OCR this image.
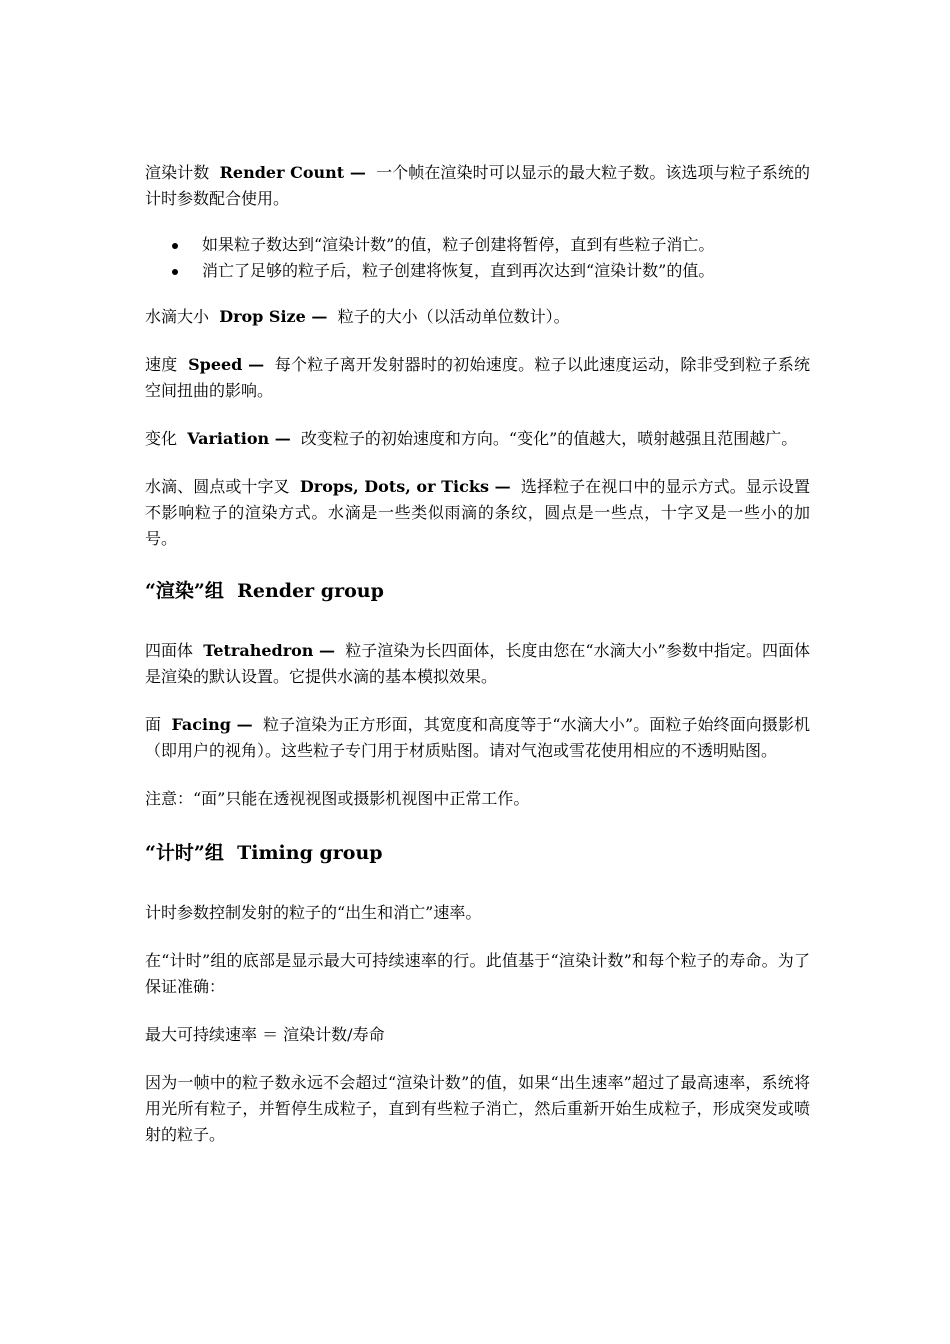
渲染计数 Render Count — 一个帧在渲染时可以显示的最大粒子数。该选项与粒子系统的计时参数配合使用。

如果粒子数达到“渲染计数”的值，粒子创建将暂停，直到有些粒子消亡。
消亡了足够的粒子后，粒子创建将恢复，直到再次达到“渲染计数”的值。

水滴大小 Drop Size — 粒子的大小（以活动单位数计）。

速度 Speed — 每个粒子离开发射器时的初始速度。粒子以此速度运动，除非受到粒子系统空间扭曲的影响。

变化 Variation — 改变粒子的初始速度和方向。“变化”的值越大，喷射越强且范围越广。

水滴、圆点或十字叉 Drops, Dots, or Ticks — 选择粒子在视口中的显示方式。显示设置不影响粒子的渲染方式。水滴是一些类似雨滴的条纹，圆点是一些点，十字叉是一些小的加号。

“渲染”组 Render group

四面体 Tetrahedron — 粒子渲染为长四面体，长度由您在“水滴大小”参数中指定。四面体是渲染的默认设置。它提供水滴的基本模拟效果。

面 Facing — 粒子渲染为正方形面，其宽度和高度等于“水滴大小”。面粒子始终面向摄影机（即用户的视角）。这些粒子专门用于材质贴图。请对气泡或雪花使用相应的不透明贴图。

注意：“面”只能在透视视图或摄影机视图中正常工作。

“计时”组 Timing group

计时参数控制发射的粒子的“出生和消亡”速率。

在“计时”组的底部是显示最大可持续速率的行。此值基于“渲染计数”和每个粒子的寿命。为了保证准确：

最大可持续速率 ＝ 渲染计数/寿命

因为一帧中的粒子数永远不会超过“渲染计数”的值，如果“出生速率”超过了最高速率，系统将用光所有粒子，并暂停生成粒子，直到有些粒子消亡，然后重新开始生成粒子，形成突发或喷射的粒子。
